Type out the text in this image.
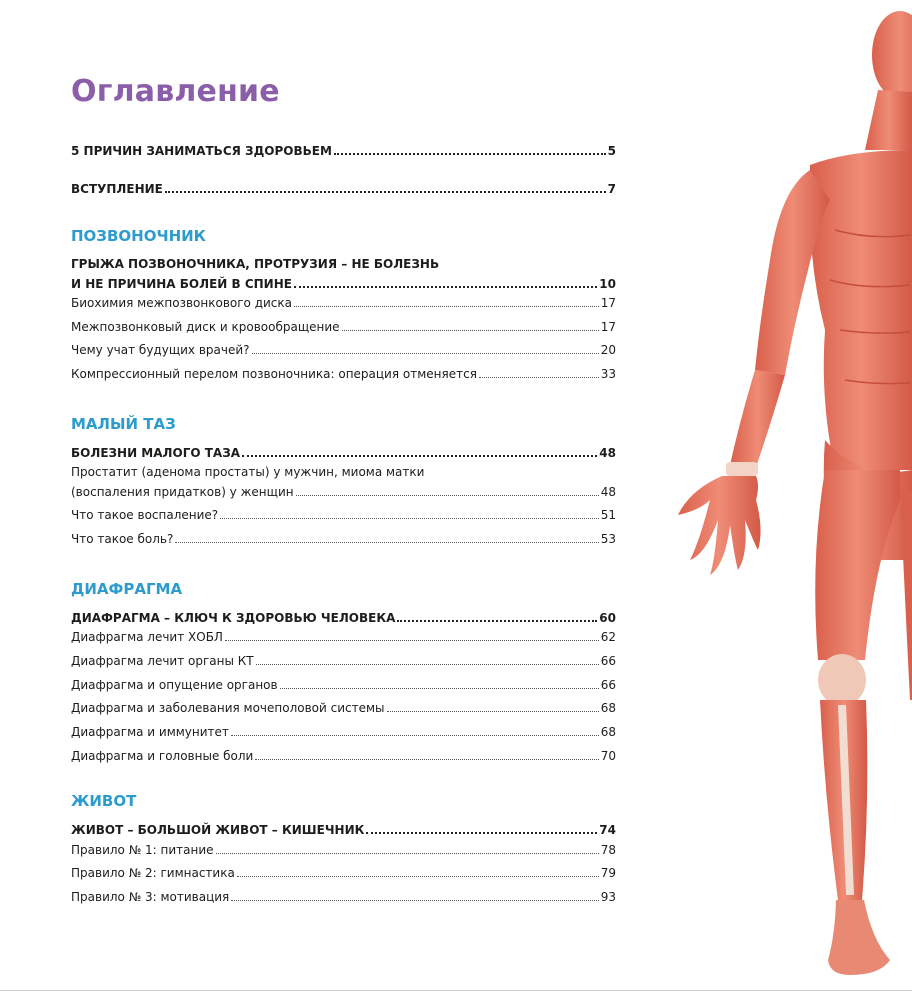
Оглавление
5 ПРИЧИН ЗАНИМАТЬСЯ ЗДОРОВЬЕМ	5
ВСТУПЛЕНИЕ	7
ПОЗВОНОЧНИК
ГРЫЖА ПОЗВОНОЧНИКА, ПРОТРУЗИЯ – НЕ БОЛЕЗНЬ
И НЕ ПРИЧИНА БОЛЕЙ В СПИНЕ	10
Биохимия межпозвонкового диска	17
Межпозвонковый диск и кровообращение	17
Чему учат будущих врачей?	20
Компрессионный перелом позвоночника: операция отменяется	33
МАЛЫЙ ТАЗ
БОЛЕЗНИ МАЛОГО ТАЗА	48
Простатит (аденома простаты) у мужчин, миома матки
(воспаления придатков) у женщин	48
Что такое воспаление?	51
Что такое боль?	53
ДИАФРАГМА
ДИАФРАГМА – КЛЮЧ К ЗДОРОВЬЮ ЧЕЛОВЕКА	60
Диафрагма лечит ХОБЛ	62
Диафрагма лечит органы КТ	66
Диафрагма и опущение органов	66
Диафрагма и заболевания мочеполовой системы	68
Диафрагма и иммунитет	68
Диафрагма и головные боли	70
ЖИВОТ
ЖИВОТ – БОЛЬШОЙ ЖИВОТ – КИШЕЧНИК	74
Правило № 1: питание	78
Правило № 2: гимнастика	79
Правило № 3: мотивация	93
